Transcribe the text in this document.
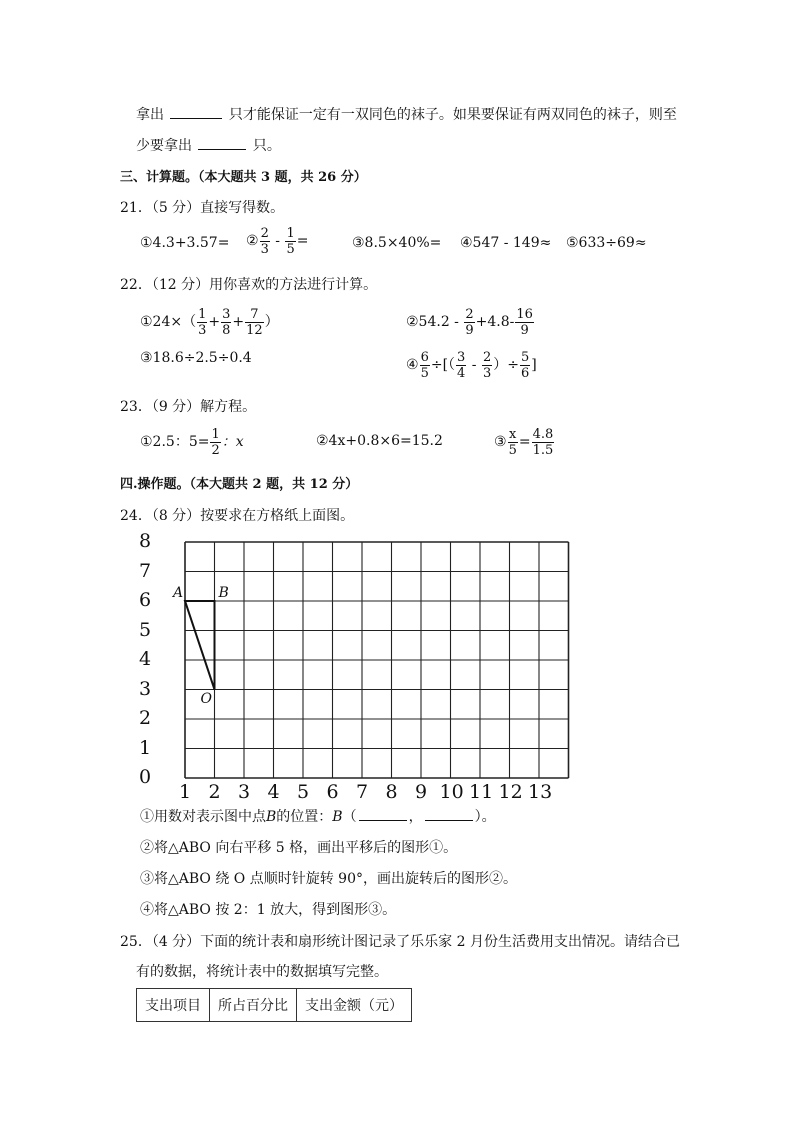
拿出	只才能保证一定有一双同色的袜子。如果要保证有两双同色的袜子，则至
少要拿出	只。
三、计算题。（本大题共 3 题，共 26 分）
21．（5 分）直接写得数。
①4.3+3.57= ② $\frac{2}{3} - \frac{1}{5}$ =	③8.5×40%= ④547 - 149≈ ⑤633÷69≈
22．（12 分）用你喜欢的方法进行计算。
①24×（ $\frac{1}{3} + \frac{3}{8} + \frac{7}{12}$ ）	②54.2 - $\frac{2}{9} +4.8- \frac{16}{9}$
③18.6÷2.5÷0.4	④ $\frac{6}{5}$ ÷[（ $\frac{3}{4} - \frac{2}{3}$ ）÷ $\frac{5}{6}$ ]
23．（9 分）解方程。
①2.5：$5= \frac{1}{2}$ ：x	②4x+0.8×6=15.2	③ $\frac{x}{5} = \frac{4.8}{1.5}$
四.操作题。（本大题共 2 题，共 12 分）
24．（8 分）按要求在方格纸上面图。
8
7
6
5
4
3
2
1
0
1 2 3 4 5 6 7 8 9 10 11 12 13
A	B
O
①用数对表示图中点B的位置：B（	，	）。
②将△ABO 向右平移 5 格，画出平移后的图形①。
③将△ABO 绕 O 点顺时针旋转 90°，画出旋转后的图形②。
④将△ABO 按 2：1 放大，得到图形③。
25．（4 分）下面的统计表和扇形统计图记录了乐乐家 2 月份生活费用支出情况。请结合已
有的数据，将统计表中的数据填写完整。
支出项目	所占百分比	支出金额（元）
